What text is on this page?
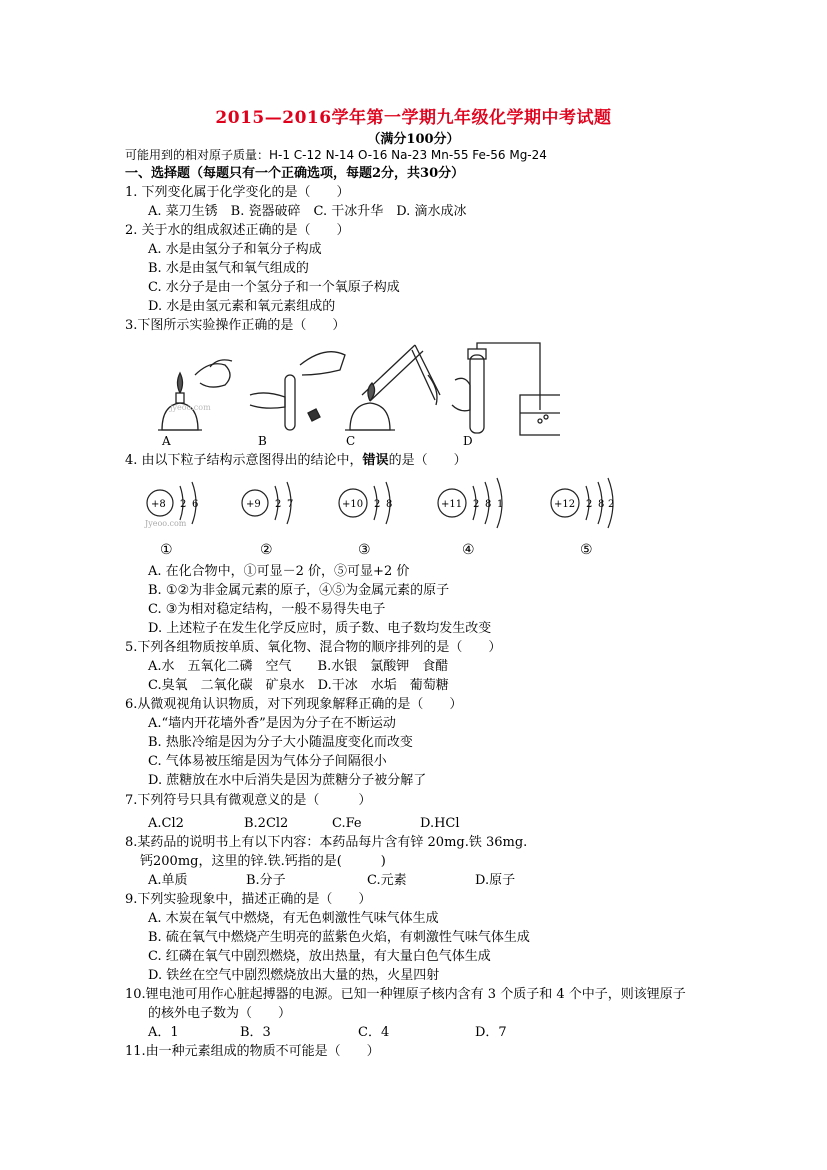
2015—2016学年第一学期九年级化学期中考试题
（满分100分）
可能用到的相对原子质量：H-1 C-12 N-14 O-16 Na-23 Mn-55 Fe-56 Mg-24
一、选择题（每题只有一个正确选项，每题2分，共30分）
1. 下列变化属于化学变化的是（　　）
A. 菜刀生锈　B. 瓷器破碎　C. 干冰升华　D. 滴水成冰
2. 关于水的组成叙述正确的是（　　）
A. 水是由氢分子和氧分子构成
B. 水是由氢气和氧气组成的
C. 水分子是由一个氢分子和一个氧原子构成
D. 水是由氢元素和氧元素组成的
3.下图所示实验操作正确的是（　　）
jyeoo.com
A	B	C	D
4. 由以下粒子结构示意图得出的结论中，错误的是（　　）
+8 2 6
①
Jyeoo.com
+9 2 7
②
+10 2 8
③
+11 2 8 1
④
+12 2 8 2
⑤
A. 在化合物中，①可显－2 价，⑤可显+2 价
B. ①②为非金属元素的原子，④⑤为金属元素的原子
C. ③为相对稳定结构，一般不易得失电子
D. 上述粒子在发生化学反应时，质子数、电子数均发生改变
5.下列各组物质按单质、氧化物、混合物的顺序排列的是（　　）
A.水　五氧化二磷　空气　　B.水银　氯酸钾　食醋
C.臭氧　二氧化碳　矿泉水　D.干冰　水垢　葡萄糖
6.从微观视角认识物质，对下列现象解释正确的是（　　）
A.“墙内开花墙外香”是因为分子在不断运动
B. 热胀冷缩是因为分子大小随温度变化而改变
C. 气体易被压缩是因为气体分子间隔很小
D. 蔗糖放在水中后消失是因为蔗糖分子被分解了
7.下列符号只具有微观意义的是（　　　）
A.Cl2	B.2Cl2	C.Fe	D.HCl
8.某药品的说明书上有以下内容：本药品每片含有锌 20mg.铁 36mg.
钙200mg，这里的锌.铁.钙指的是(　　　)
A.单质	B.分子	C.元素	D.原子
9.下列实验现象中，描述正确的是（　　）
A. 木炭在氧气中燃烧，有无色刺激性气味气体生成
B. 硫在氧气中燃烧产生明亮的蓝紫色火焰，有刺激性气味气体生成
C. 红磷在氧气中剧烈燃烧，放出热量，有大量白色气体生成
D. 铁丝在空气中剧烈燃烧放出大量的热，火星四射
10.锂电池可用作心脏起搏器的电源。已知一种锂原子核内含有 3 个质子和 4 个中子，则该锂原子
的核外电子数为（　　）
A．1	B．3	C．4	D．7
11.由一种元素组成的物质不可能是（　　）
